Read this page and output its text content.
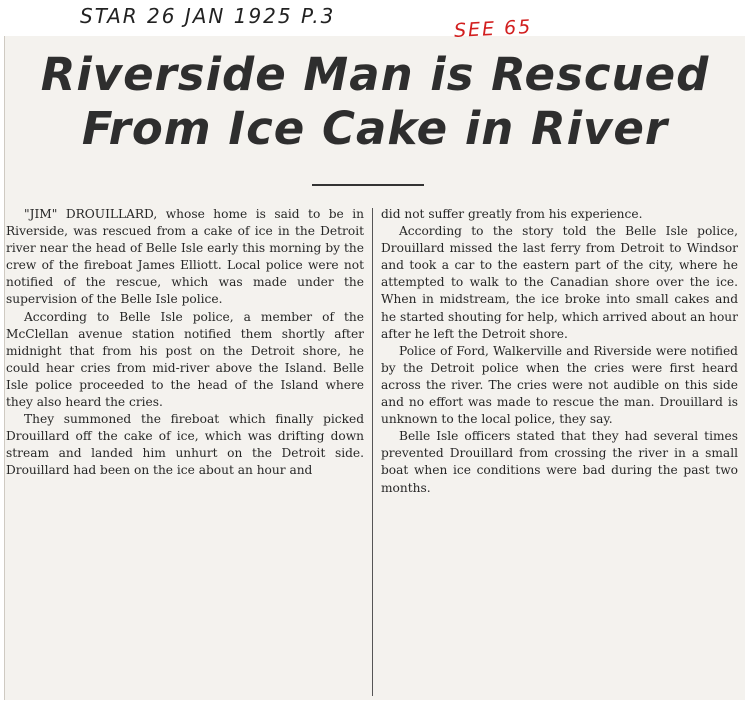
STAR 26 JAN 1925 P.3	SEE 65
Riverside Man is Rescued
From Ice Cake in River

"JIM" DROUILLARD, whose home is said to be in Riverside, was rescued from a cake of ice in the Detroit river near the head of Belle Isle early this morning by the crew of the fireboat James Elliott. Local police were not notified of the rescue, which was made under the supervision of the Belle Isle police.

According to Belle Isle police, a member of the McClellan avenue station notified them shortly after midnight that from his post on the Detroit shore, he could hear cries from mid-river above the Island. Belle Isle police proceeded to the head of the Island where they also heard the cries.

They summoned the fireboat which finally picked Drouillard off the cake of ice, which was drifting down stream and landed him unhurt on the Detroit side. Drouillard had been on the ice about an hour and

did not suffer greatly from his experience.

According to the story told the Belle Isle police, Drouillard missed the last ferry from Detroit to Windsor and took a car to the eastern part of the city, where he attempted to walk to the Canadian shore over the ice. When in midstream, the ice broke into small cakes and he started shouting for help, which arrived about an hour after he left the Detroit shore.

Police of Ford, Walkerville and Riverside were notified by the Detroit police when the cries were first heard across the river. The cries were not audible on this side and no effort was made to rescue the man. Drouillard is unknown to the local police, they say.

Belle Isle officers stated that they had several times prevented Drouillard from crossing the river in a small boat when ice conditions were bad during the past two months.
